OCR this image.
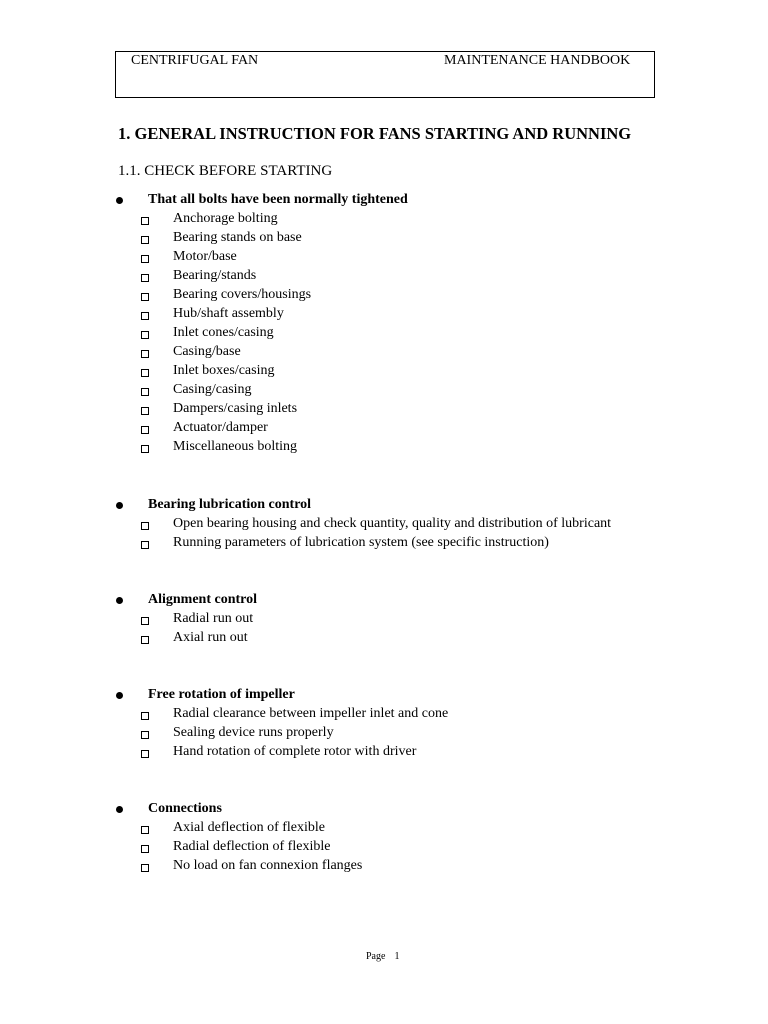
CENTRIFUGAL FAN	MAINTENANCE HANDBOOK
1. GENERAL INSTRUCTION FOR FANS STARTING AND RUNNING
1.1. CHECK BEFORE STARTING
That all bolts have been normally tightened
Anchorage bolting
Bearing stands on base
Motor/base
Bearing/stands
Bearing covers/housings
Hub/shaft assembly
Inlet cones/casing
Casing/base
Inlet boxes/casing
Casing/casing
Dampers/casing inlets
Actuator/damper
Miscellaneous bolting
Bearing lubrication control
Open bearing housing and check quantity, quality and distribution of lubricant
Running parameters of lubrication system (see specific instruction)
Alignment control
Radial run out
Axial run out
Free rotation of impeller
Radial clearance between impeller inlet and cone
Sealing device runs properly
Hand rotation of complete rotor with driver
Connections
Axial deflection of flexible
Radial deflection of flexible
No load on fan connexion flanges
Page 1
